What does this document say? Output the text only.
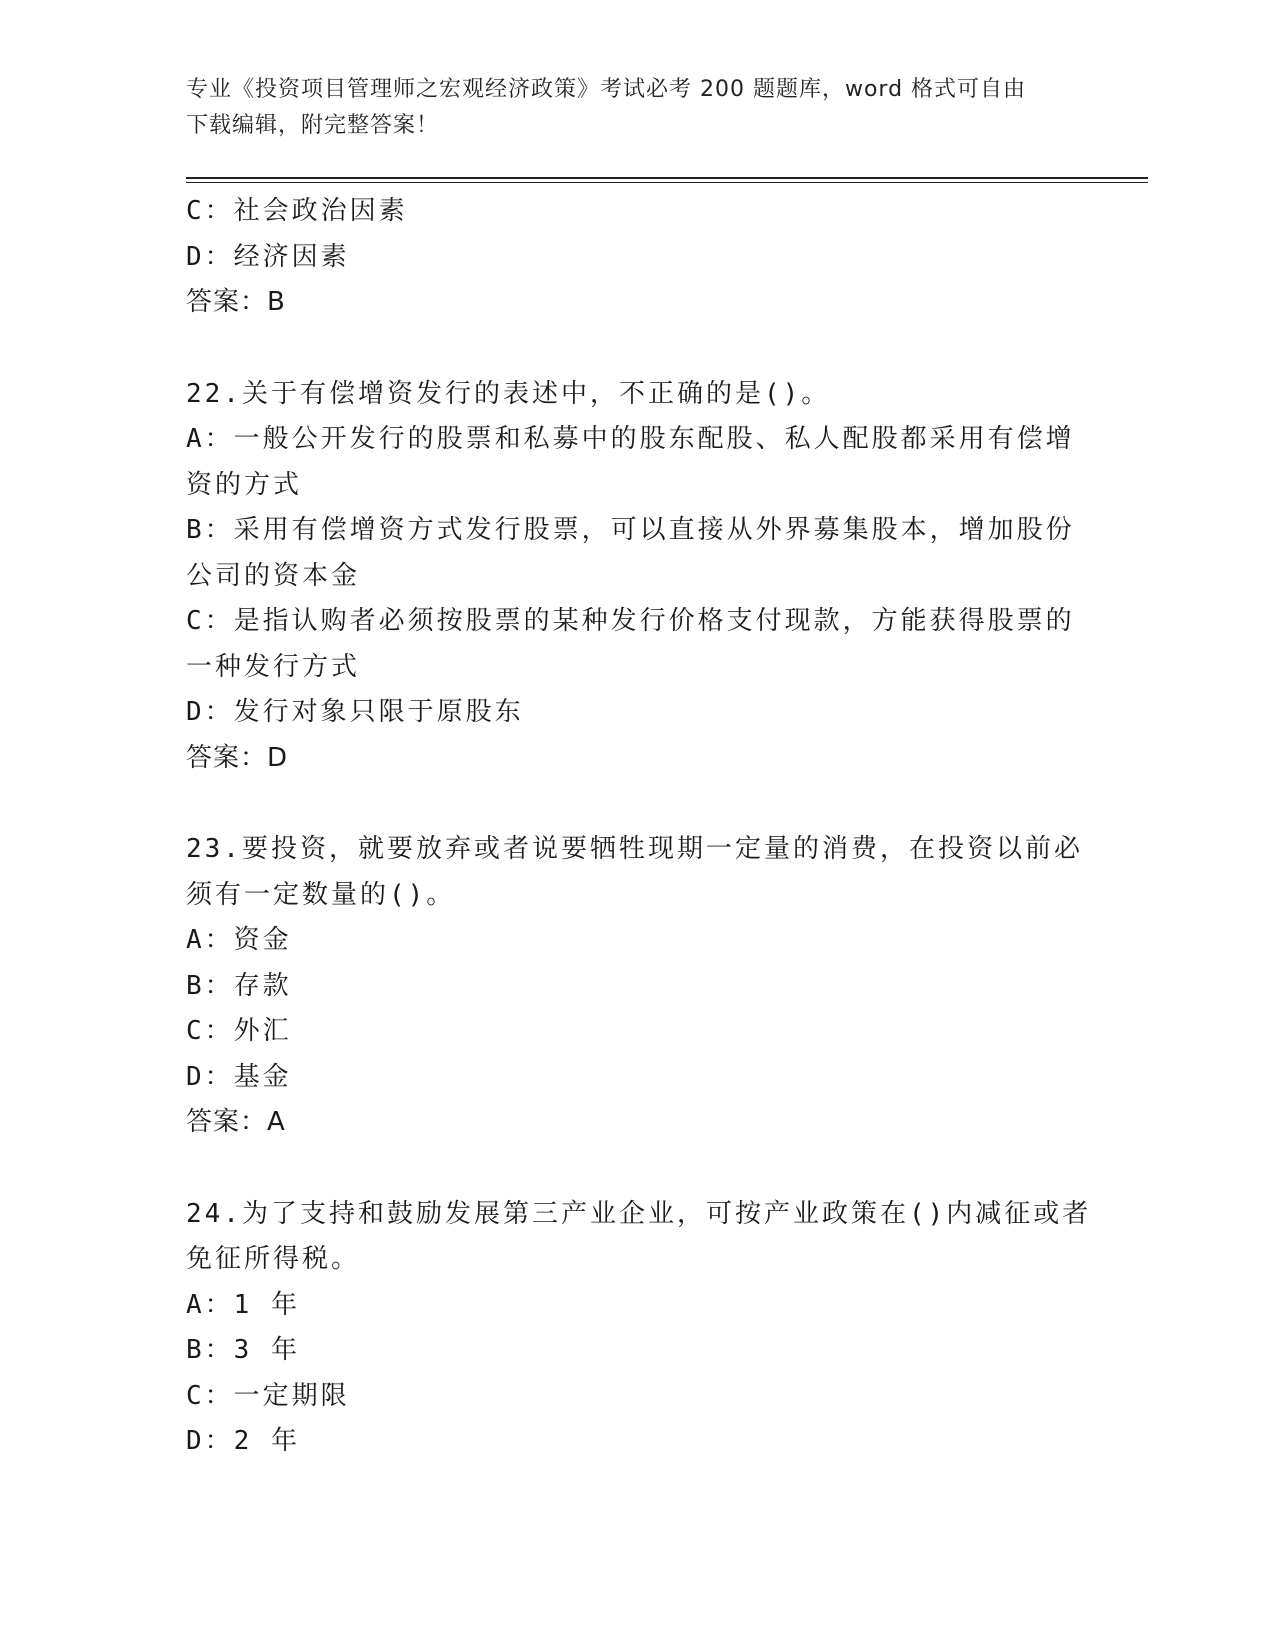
专业《投资项目管理师之宏观经济政策》考试必考 200 题题库，word 格式可自由
下载编辑，附完整答案！
C：社会政治因素
D：经济因素
答案：B
22.关于有偿增资发行的表述中，不正确的是()。
A：一般公开发行的股票和私募中的股东配股、私人配股都采用有偿增
资的方式
B：采用有偿增资方式发行股票，可以直接从外界募集股本，增加股份
公司的资本金
C：是指认购者必须按股票的某种发行价格支付现款，方能获得股票的
一种发行方式
D：发行对象只限于原股东
答案：D
23.要投资，就要放弃或者说要牺牲现期一定量的消费，在投资以前必
须有一定数量的()。
A：资金
B：存款
C：外汇
D：基金
答案：A
24.为了支持和鼓励发展第三产业企业，可按产业政策在()内减征或者
免征所得税。
A：1 年
B：3 年
C：一定期限
D：2 年
